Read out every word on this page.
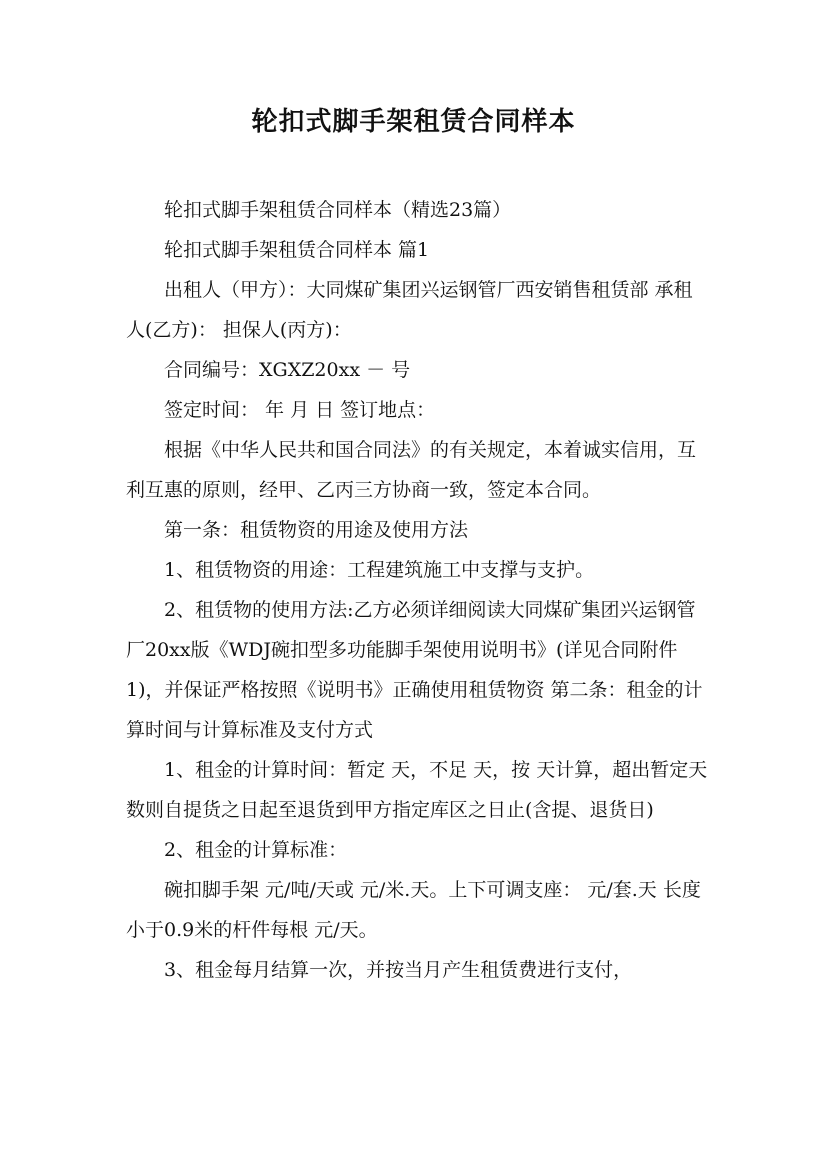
轮扣式脚手架租赁合同样本

轮扣式脚手架租赁合同样本（精选23篇）

轮扣式脚手架租赁合同样本 篇1

出租人（甲方）：大同煤矿集团兴运钢管厂西安销售租赁部 承租人(乙方)： 担保人(丙方)：

合同编号：XGXZ20xx － 号

签定时间： 年 月 日 签订地点：

根据《中华人民共和国合同法》的有关规定，本着诚实信用，互利互惠的原则，经甲、乙丙三方协商一致，签定本合同。

第一条：租赁物资的用途及使用方法

1、租赁物资的用途：工程建筑施工中支撑与支护。

2、租赁物的使用方法:乙方必须详细阅读大同煤矿集团兴运钢管厂20xx版《WDJ碗扣型多功能脚手架使用说明书》(详见合同附件1)，并保证严格按照《说明书》正确使用租赁物资 第二条：租金的计算时间与计算标准及支付方式

1、租金的计算时间：暂定 天，不足 天，按 天计算，超出暂定天数则自提货之日起至退货到甲方指定库区之日止(含提、退货日)

2、租金的计算标准：

碗扣脚手架 元/吨/天或 元/米.天。上下可调支座： 元/套.天 长度小于0.9米的杆件每根 元/天。

3、租金每月结算一次，并按当月产生租赁费进行支付，
